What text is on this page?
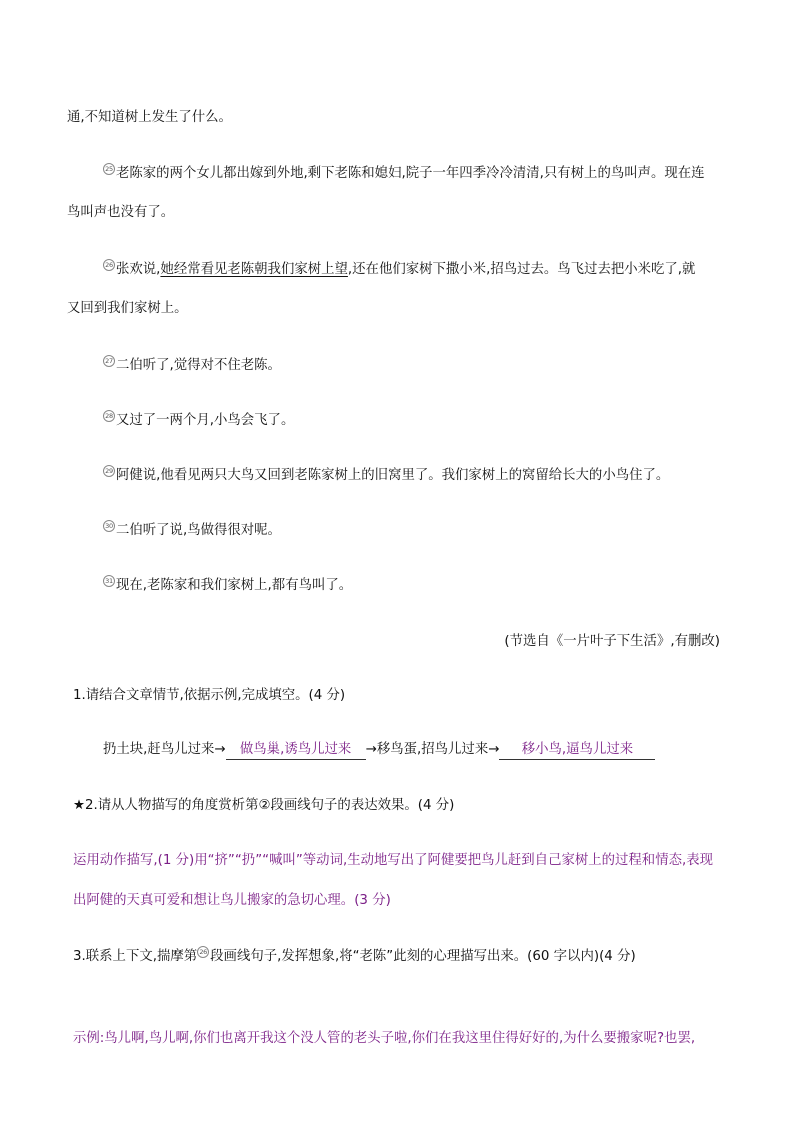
通,不知道树上发生了什么。
25 老陈家的两个女儿都出嫁到外地,剩下老陈和媳妇,院子一年四季冷冷清清,只有树上的鸟叫声。现在连
鸟叫声也没有了。
26 张欢说,她经常看见老陈朝我们家树上望,还在他们家树下撒小米,招鸟过去。鸟飞过去把小米吃了,就
又回到我们家树上。
27 二伯听了,觉得对不住老陈。
28 又过了一两个月,小鸟会飞了。
29 阿健说,他看见两只大鸟又回到老陈家树上的旧窝里了。我们家树上的窝留给长大的小鸟住了。
30 二伯听了说,鸟做得很对呢。
31 现在,老陈家和我们家树上,都有鸟叫了。
(节选自《一片叶子下生活》,有删改)
1.请结合文章情节,依据示例,完成填空。(4 分)
扔土块,赶鸟儿过来→ 做鸟巢,诱鸟儿过来 →移鸟蛋,招鸟儿过来→ 移小鸟,逼鸟儿过来
★2.请从人物描写的角度赏析第②段画线句子的表达效果。(4 分)
运用动作描写,(1 分)用“挤”“扔”“喊叫”等动词,生动地写出了阿健要把鸟儿赶到自己家树上的过程和情态,表现
出阿健的天真可爱和想让鸟儿搬家的急切心理。(3 分)
3.联系上下文,揣摩第 26 段画线句子,发挥想象,将“老陈”此刻的心理描写出来。(60 字以内)(4 分)
示例:鸟儿啊,鸟儿啊,你们也离开我这个没人管的老头子啦,你们在我这里住得好好的,为什么要搬家呢?也罢,
